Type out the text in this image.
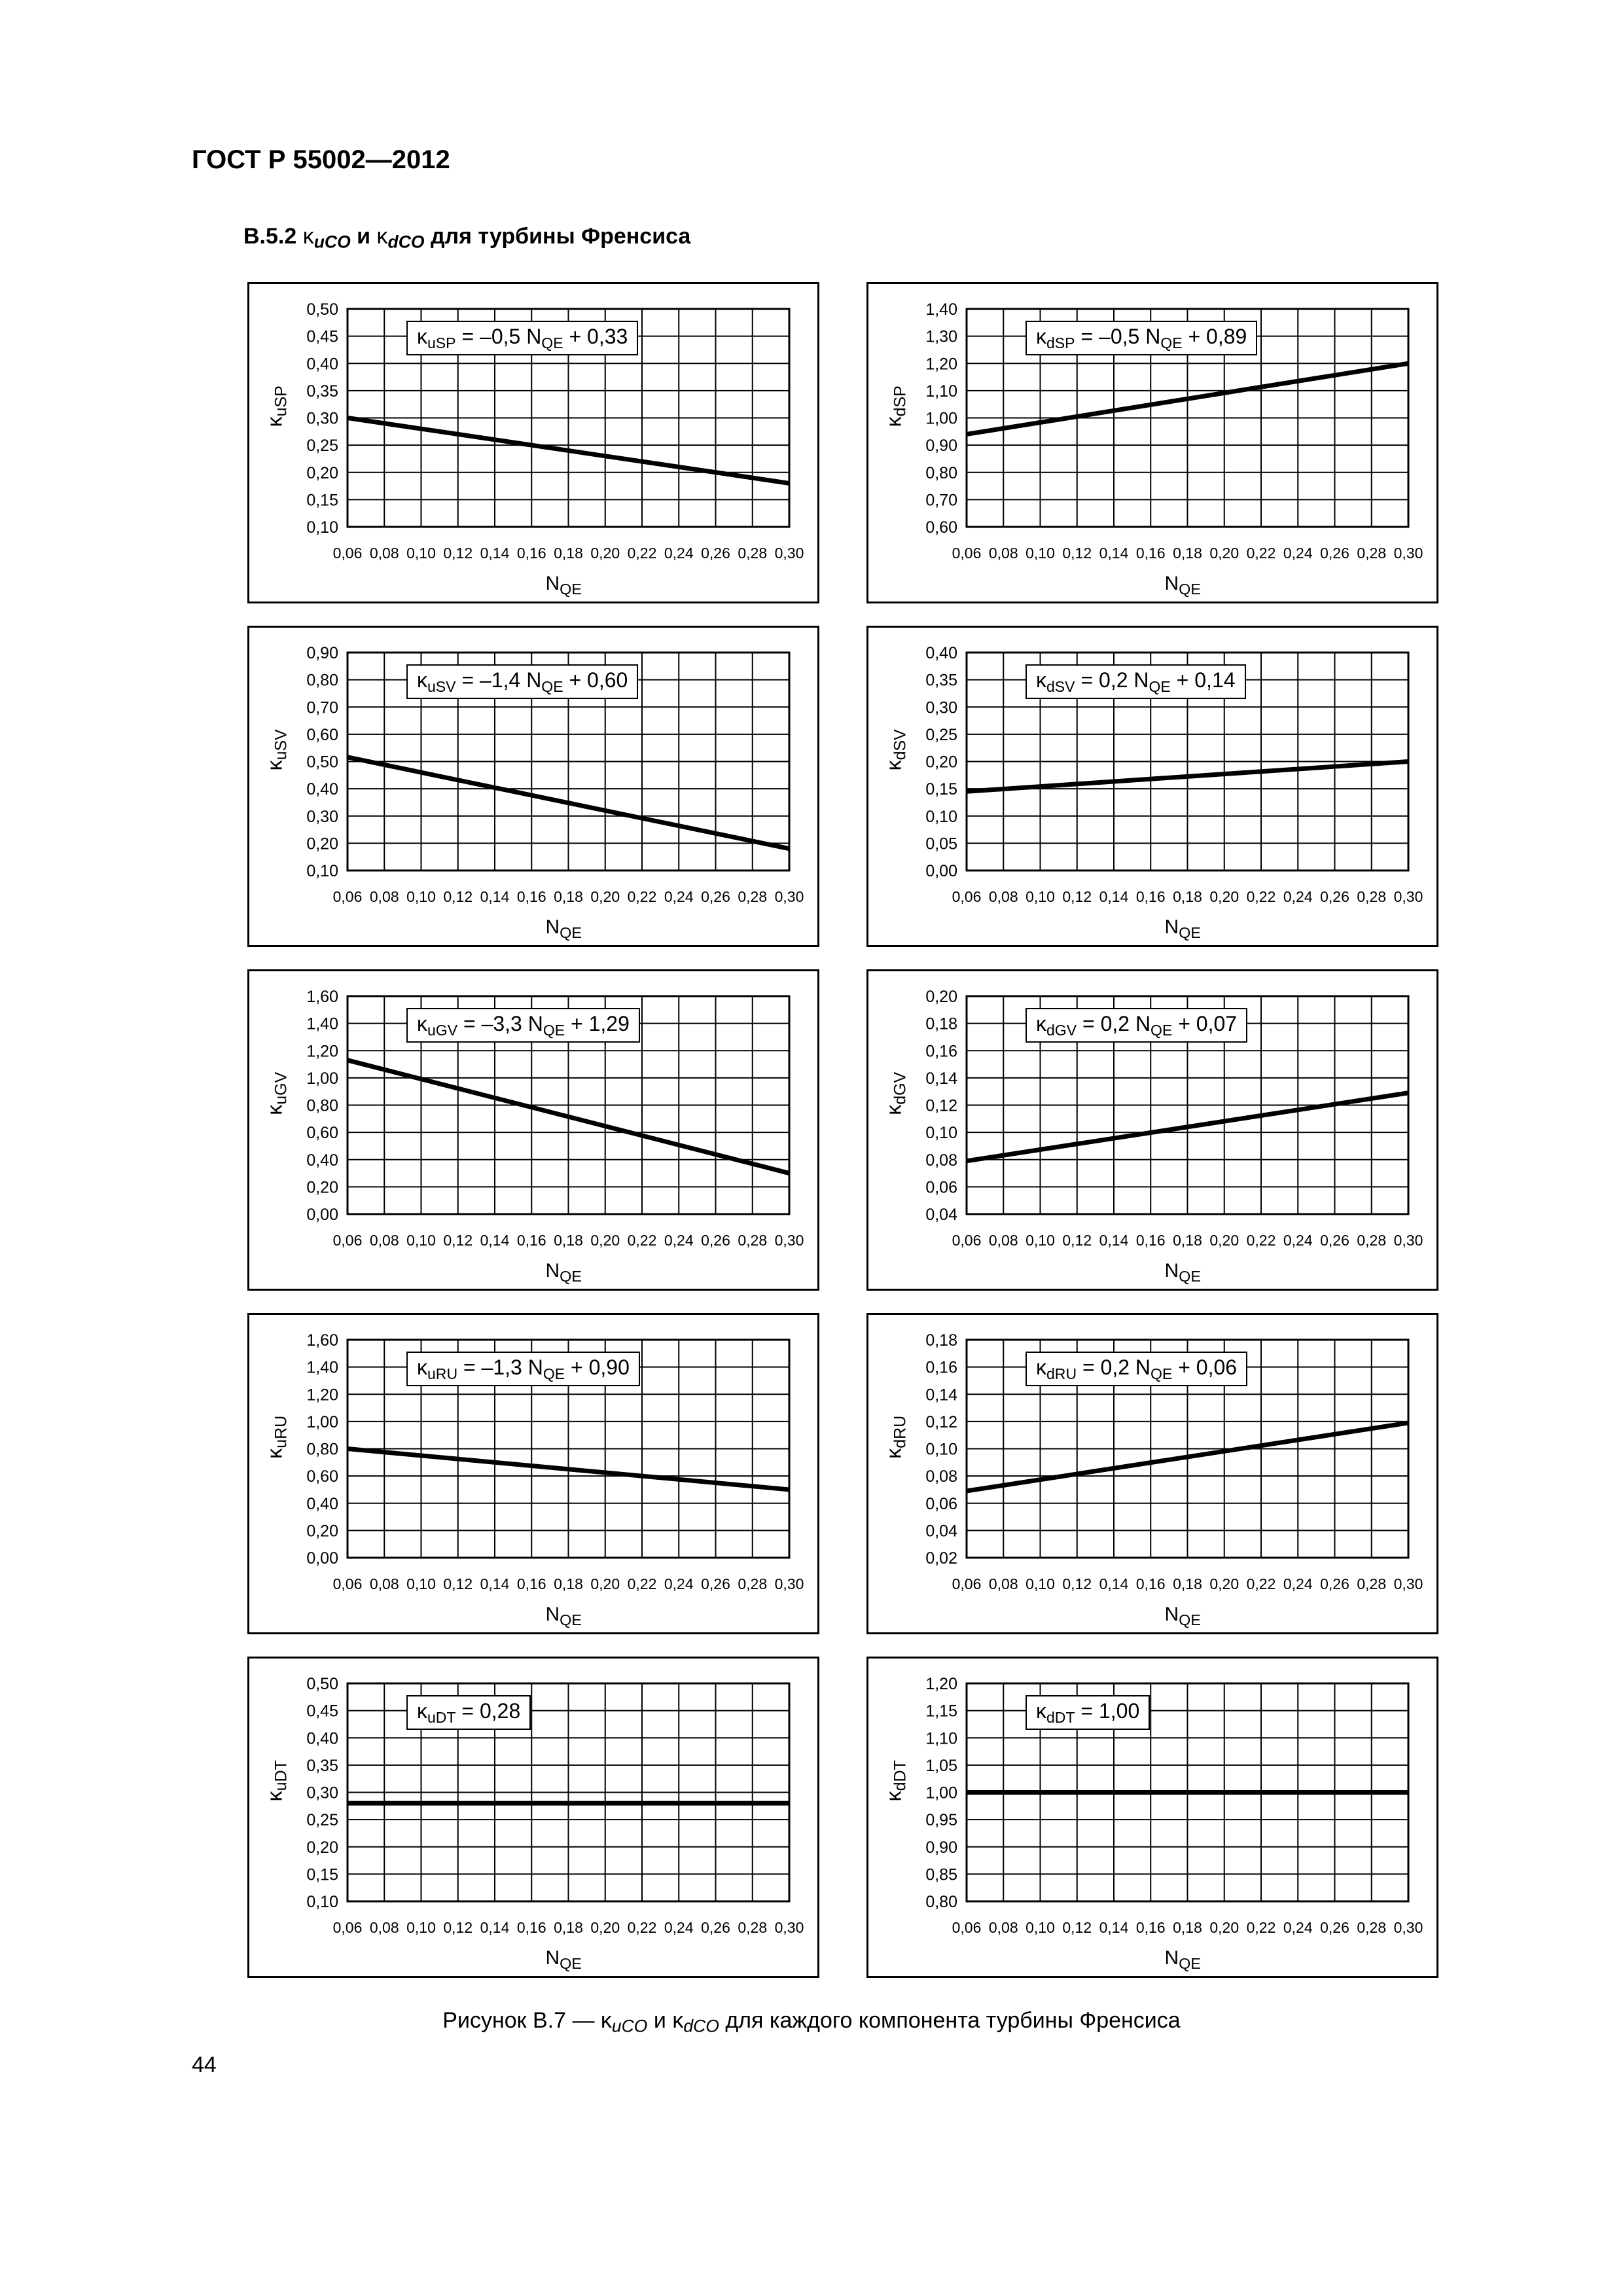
ГОСТ Р 55002—2012
В.5.2 $\kappa_{uCO}$ и $\kappa_{dCO}$ для турбины Френсиса
0,50
0,45
0,40
0,35
0,30
0,25
0,20
0,15
0,10
0,06 0,08 0,10 0,12 0,14 0,16 0,18 0,20 0,22 0,24 0,26 0,28 0,30
$\kappa_{uSP} = -0,5$ $N_{QE} + 0,33$
$\kappa_{uSP}$
$N_{QE}$
1,40
1,30
1,20
1,10
1,00
0,90
0,80
0,70
0,60
0,06 0,08 0,10 0,12 0,14 0,16 0,18 0,20 0,22 0,24 0,26 0,28 0,30
$\kappa_{dSP} = -0,5$ $N_{QE} + 0,89$
$\kappa_{dSP}$
$N_{QE}$
0,90
0,80
0,70
0,60
0,50
0,40
0,30
0,20
0,10
0,06 0,08 0,10 0,12 0,14 0,16 0,18 0,20 0,22 0,24 0,26 0,28 0,30
$\kappa_{uSV} = -1,4$ $N_{QE} + 0,60$
$\kappa_{uSV}$
$N_{QE}$
0,40
0,35
0,30
0,25
0,20
0,15
0,10
0,05
0,00
0,06 0,08 0,10 0,12 0,14 0,16 0,18 0,20 0,22 0,24 0,26 0,28 0,30
$\kappa_{dSV} = 0,2$ $N_{QE} + 0,14$
$\kappa_{dSV}$
$N_{QE}$
1,60
1,40
1,20
1,00
0,80
0,60
0,40
0,20
0,00
0,06 0,08 0,10 0,12 0,14 0,16 0,18 0,20 0,22 0,24 0,26 0,28 0,30
$\kappa_{uGV} = -3,3$ $N_{QE} + 1,29$
$\kappa_{uGV}$
$N_{QE}$
0,20
0,18
0,16
0,14
0,12
0,10
0,08
0,06
0,04
0,06 0,08 0,10 0,12 0,14 0,16 0,18 0,20 0,22 0,24 0,26 0,28 0,30
$\kappa_{dGV} = 0,2$ $N_{QE} + 0,07$
$\kappa_{dGV}$
$N_{QE}$
1,60
1,40
1,20
1,00
0,80
0,60
0,40
0,20
0,00
0,06 0,08 0,10 0,12 0,14 0,16 0,18 0,20 0,22 0,24 0,26 0,28 0,30
$\kappa_{uRU} = -1,3$ $N_{QE} + 0,90$
$\kappa_{uRU}$
$N_{QE}$
0,18
0,16
0,14
0,12
0,10
0,08
0,06
0,04
0,02
0,06 0,08 0,10 0,12 0,14 0,16 0,18 0,20 0,22 0,24 0,26 0,28 0,30
$\kappa_{dRU} = 0,2$ $N_{QE} + 0,06$
$\kappa_{dRU}$
$N_{QE}$
0,50
0,45
0,40
0,35
0,30
0,25
0,20
0,15
0,10
0,06 0,08 0,10 0,12 0,14 0,16 0,18 0,20 0,22 0,24 0,26 0,28 0,30
$\kappa_{uDT} = 0,28$
$\kappa_{uDT}$
$N_{QE}$
1,20
1,15
1,10
1,05
1,00
0,95
0,90
0,85
0,80
0,06 0,08 0,10 0,12 0,14 0,16 0,18 0,20 0,22 0,24 0,26 0,28 0,30
$\kappa_{dDT} = 1,00$
$\kappa_{dDT}$
$N_{QE}$
Рисунок В.7 — $\kappa_{uCO}$ и $\kappa_{dCO}$ для каждого компонента турбины Френсиса
44
